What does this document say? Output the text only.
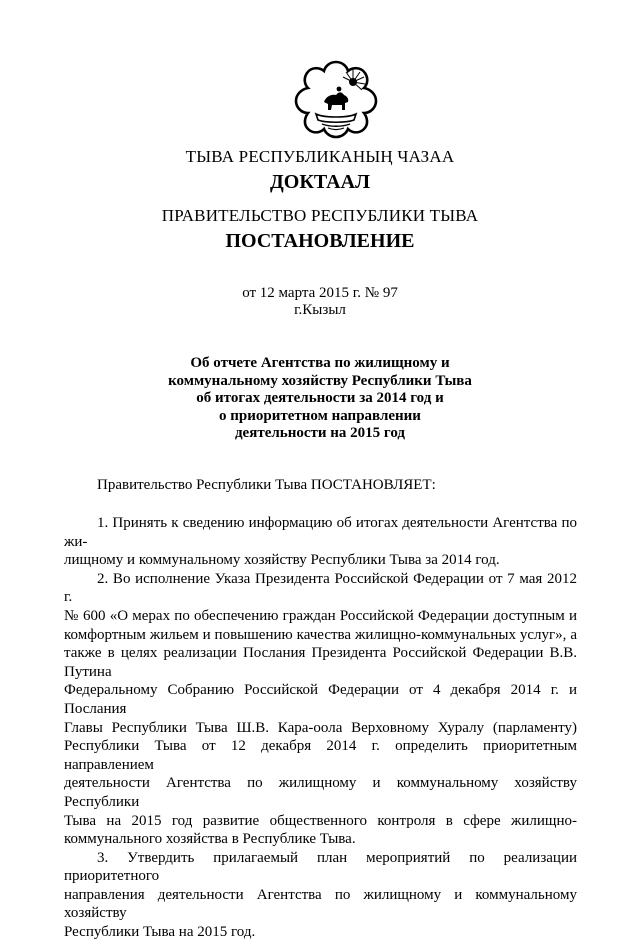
ТЫВА РЕСПУБЛИКАНЫҢ ЧАЗАА
ДОКТААЛ
ПРАВИТЕЛЬСТВО РЕСПУБЛИКИ ТЫВА
ПОСТАНОВЛЕНИЕ
от 12 марта 2015 г. № 97
г.Кызыл
Об отчете Агентства по жилищному и
коммунальному хозяйству Республики Тыва
об итогах деятельности за 2014 год и
о приоритетном направлении
деятельности на 2015 год
Правительство Республики Тыва ПОСТАНОВЛЯЕТ:
1. Принять к сведению информацию об итогах деятельности Агентства по жи-
лищному и коммунальному хозяйству Республики Тыва за 2014 год.
2. Во исполнение Указа Президента Российской Федерации от 7 мая 2012 г.
№ 600 «О мерах по обеспечению граждан Российской Федерации доступным и
комфортным жильем и повышению качества жилищно-коммунальных услуг», а
также в целях реализации Послания Президента Российской Федерации В.В. Путина
Федеральному Собранию Российской Федерации от 4 декабря 2014 г. и Послания
Главы Республики Тыва Ш.В. Кара-оола Верховному Хуралу (парламенту)
Республики Тыва от 12 декабря 2014 г. определить приоритетным направлением
деятельности Агентства по жилищному и коммунальному хозяйству Республики
Тыва на 2015 год развитие общественного контроля в сфере жилищно-
коммунального хозяйства в Республике Тыва.
3. Утвердить прилагаемый план мероприятий по реализации приоритетного
направления деятельности Агентства по жилищному и коммунальному хозяйству
Республики Тыва на 2015 год.
